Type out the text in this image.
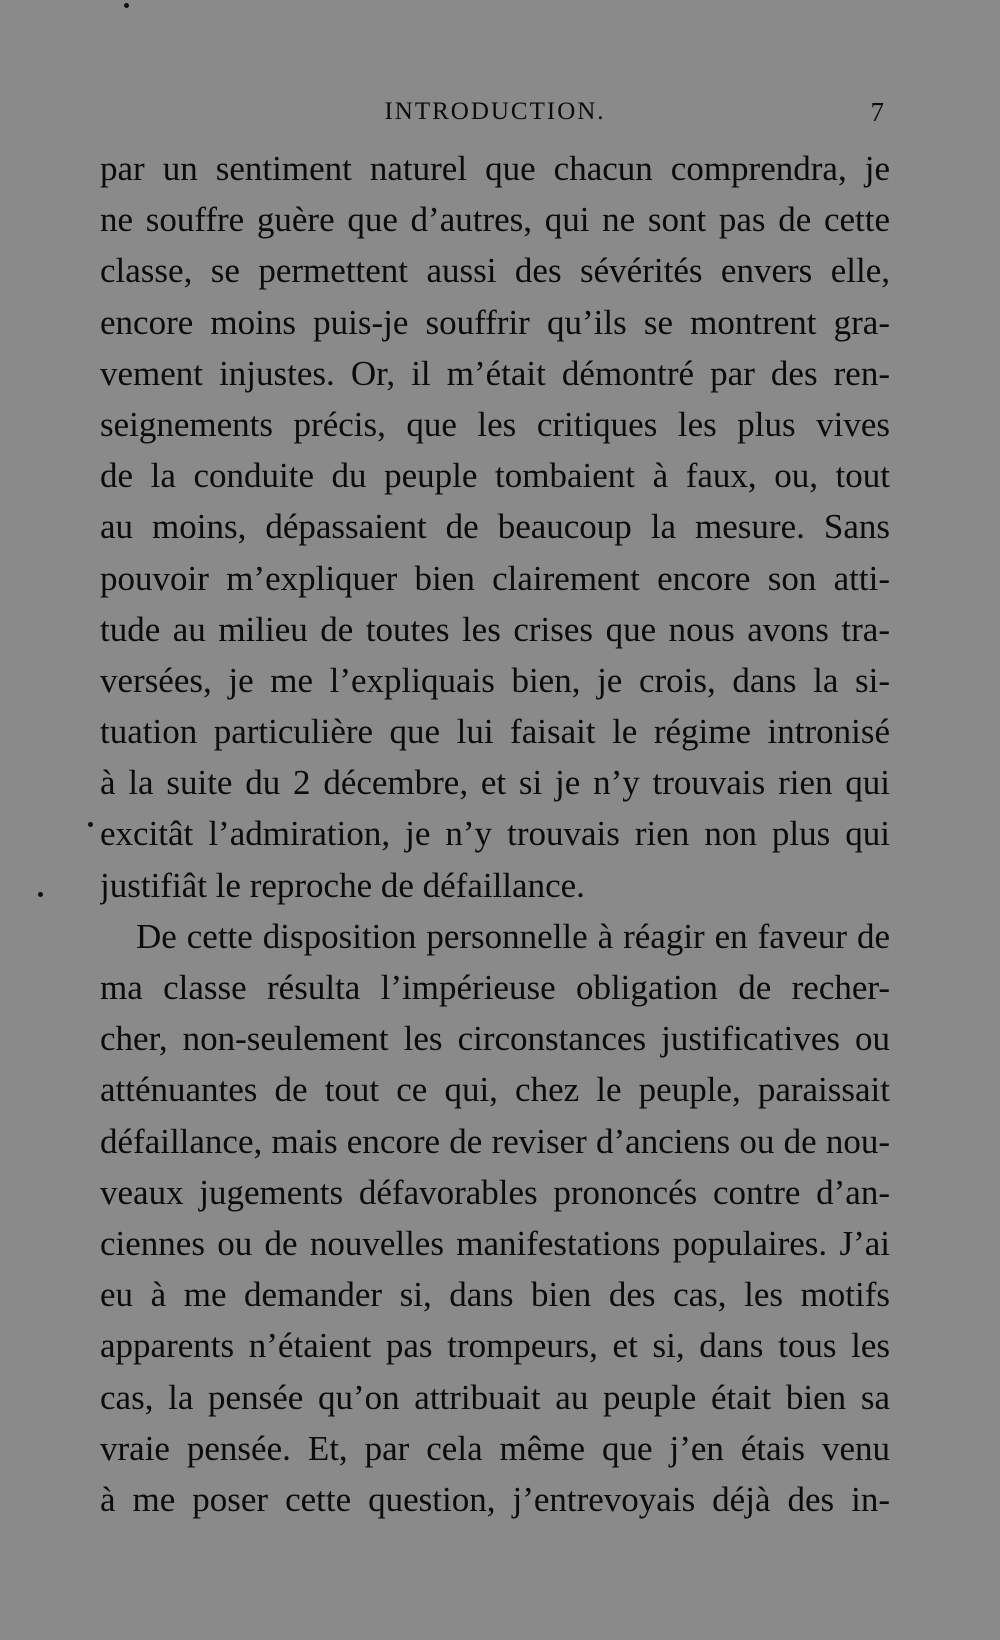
INTRODUCTION.	7
par un sentiment naturel que chacun comprendra, je
ne souffre guère que d’autres, qui ne sont pas de cette
classe, se permettent aussi des sévérités envers elle,
encore moins puis-je souffrir qu’ils se montrent gra-
vement injustes. Or, il m’était démontré par des ren-
seignements précis, que les critiques les plus vives
de la conduite du peuple tombaient à faux, ou, tout
au moins, dépassaient de beaucoup la mesure. Sans
pouvoir m’expliquer bien clairement encore son atti-
tude au milieu de toutes les crises que nous avons tra-
versées, je me l’expliquais bien, je crois, dans la si-
tuation particulière que lui faisait le régime intronisé
à la suite du 2 décembre, et si je n’y trouvais rien qui
excitât l’admiration, je n’y trouvais rien non plus qui
justifiât le reproche de défaillance.
De cette disposition personnelle à réagir en faveur de
ma classe résulta l’impérieuse obligation de recher-
cher, non-seulement les circonstances justificatives ou
atténuantes de tout ce qui, chez le peuple, paraissait
défaillance, mais encore de reviser d’anciens ou de nou-
veaux jugements défavorables prononcés contre d’an-
ciennes ou de nouvelles manifestations populaires. J’ai
eu à me demander si, dans bien des cas, les motifs
apparents n’étaient pas trompeurs, et si, dans tous les
cas, la pensée qu’on attribuait au peuple était bien sa
vraie pensée. Et, par cela même que j’en étais venu
à me poser cette question, j’entrevoyais déjà des in-
